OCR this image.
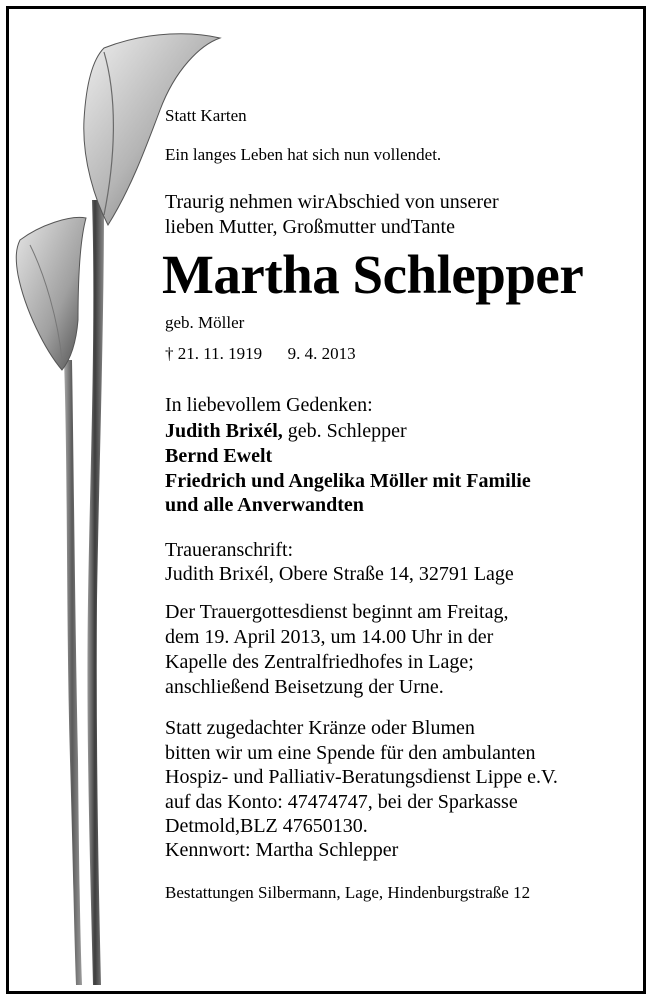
Statt Karten
Ein langes Leben hat sich nun vollendet.
Traurig nehmen wirAbschied von unserer
lieben Mutter, Großmutter undTante
Martha Schlepper
geb. Möller
† 21. 11. 1919      9. 4. 2013
In liebevollem Gedenken:
Judith Brixél, geb. Schlepper
Bernd Ewelt
Friedrich und Angelika Möller mit Familie
und alle Anverwandten
Traueranschrift:
Judith Brixél, Obere Straße 14, 32791 Lage
Der Trauergottesdienst beginnt am Freitag,
dem 19. April 2013, um 14.00 Uhr in der
Kapelle des Zentralfriedhofes in Lage;
anschließend Beisetzung der Urne.
Statt zugedachter Kränze oder Blumen
bitten wir um eine Spende für den ambulanten
Hospiz- und Palliativ-Beratungsdienst Lippe e.V.
auf das Konto: 47474747, bei der Sparkasse
Detmold,BLZ 47650130.
Kennwort: Martha Schlepper
Bestattungen Silbermann, Lage, Hindenburgstraße 12
